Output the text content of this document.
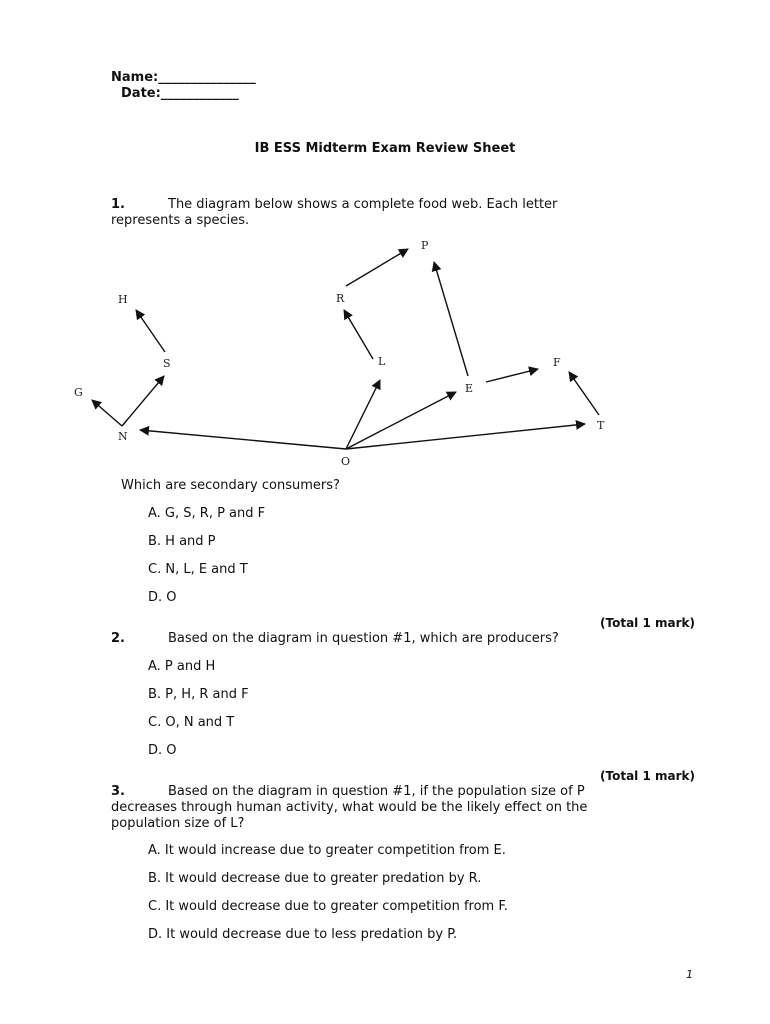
Name:_______________
Date:____________
IB ESS Midterm Exam Review Sheet
1.	The diagram below shows a complete food web. Each letter
represents a species.
P
H	R
S	L	F
G	E
T
N
O
Which are secondary consumers?
A. G, S, R, P and F
B. H and P
C. N, L, E and T
D. O
(Total 1 mark)
2.	Based on the diagram in question #1, which are producers?
A. P and H
B. P, H, R and F
C. O, N and T
D. O
(Total 1 mark)
3.	Based on the diagram in question #1, if the population size of P
decreases through human activity, what would be the likely effect on the
population size of L?
A. It would increase due to greater competition from E.
B. It would decrease due to greater predation by R.
C. It would decrease due to greater competition from F.
D. It would decrease due to less predation by P.
1
